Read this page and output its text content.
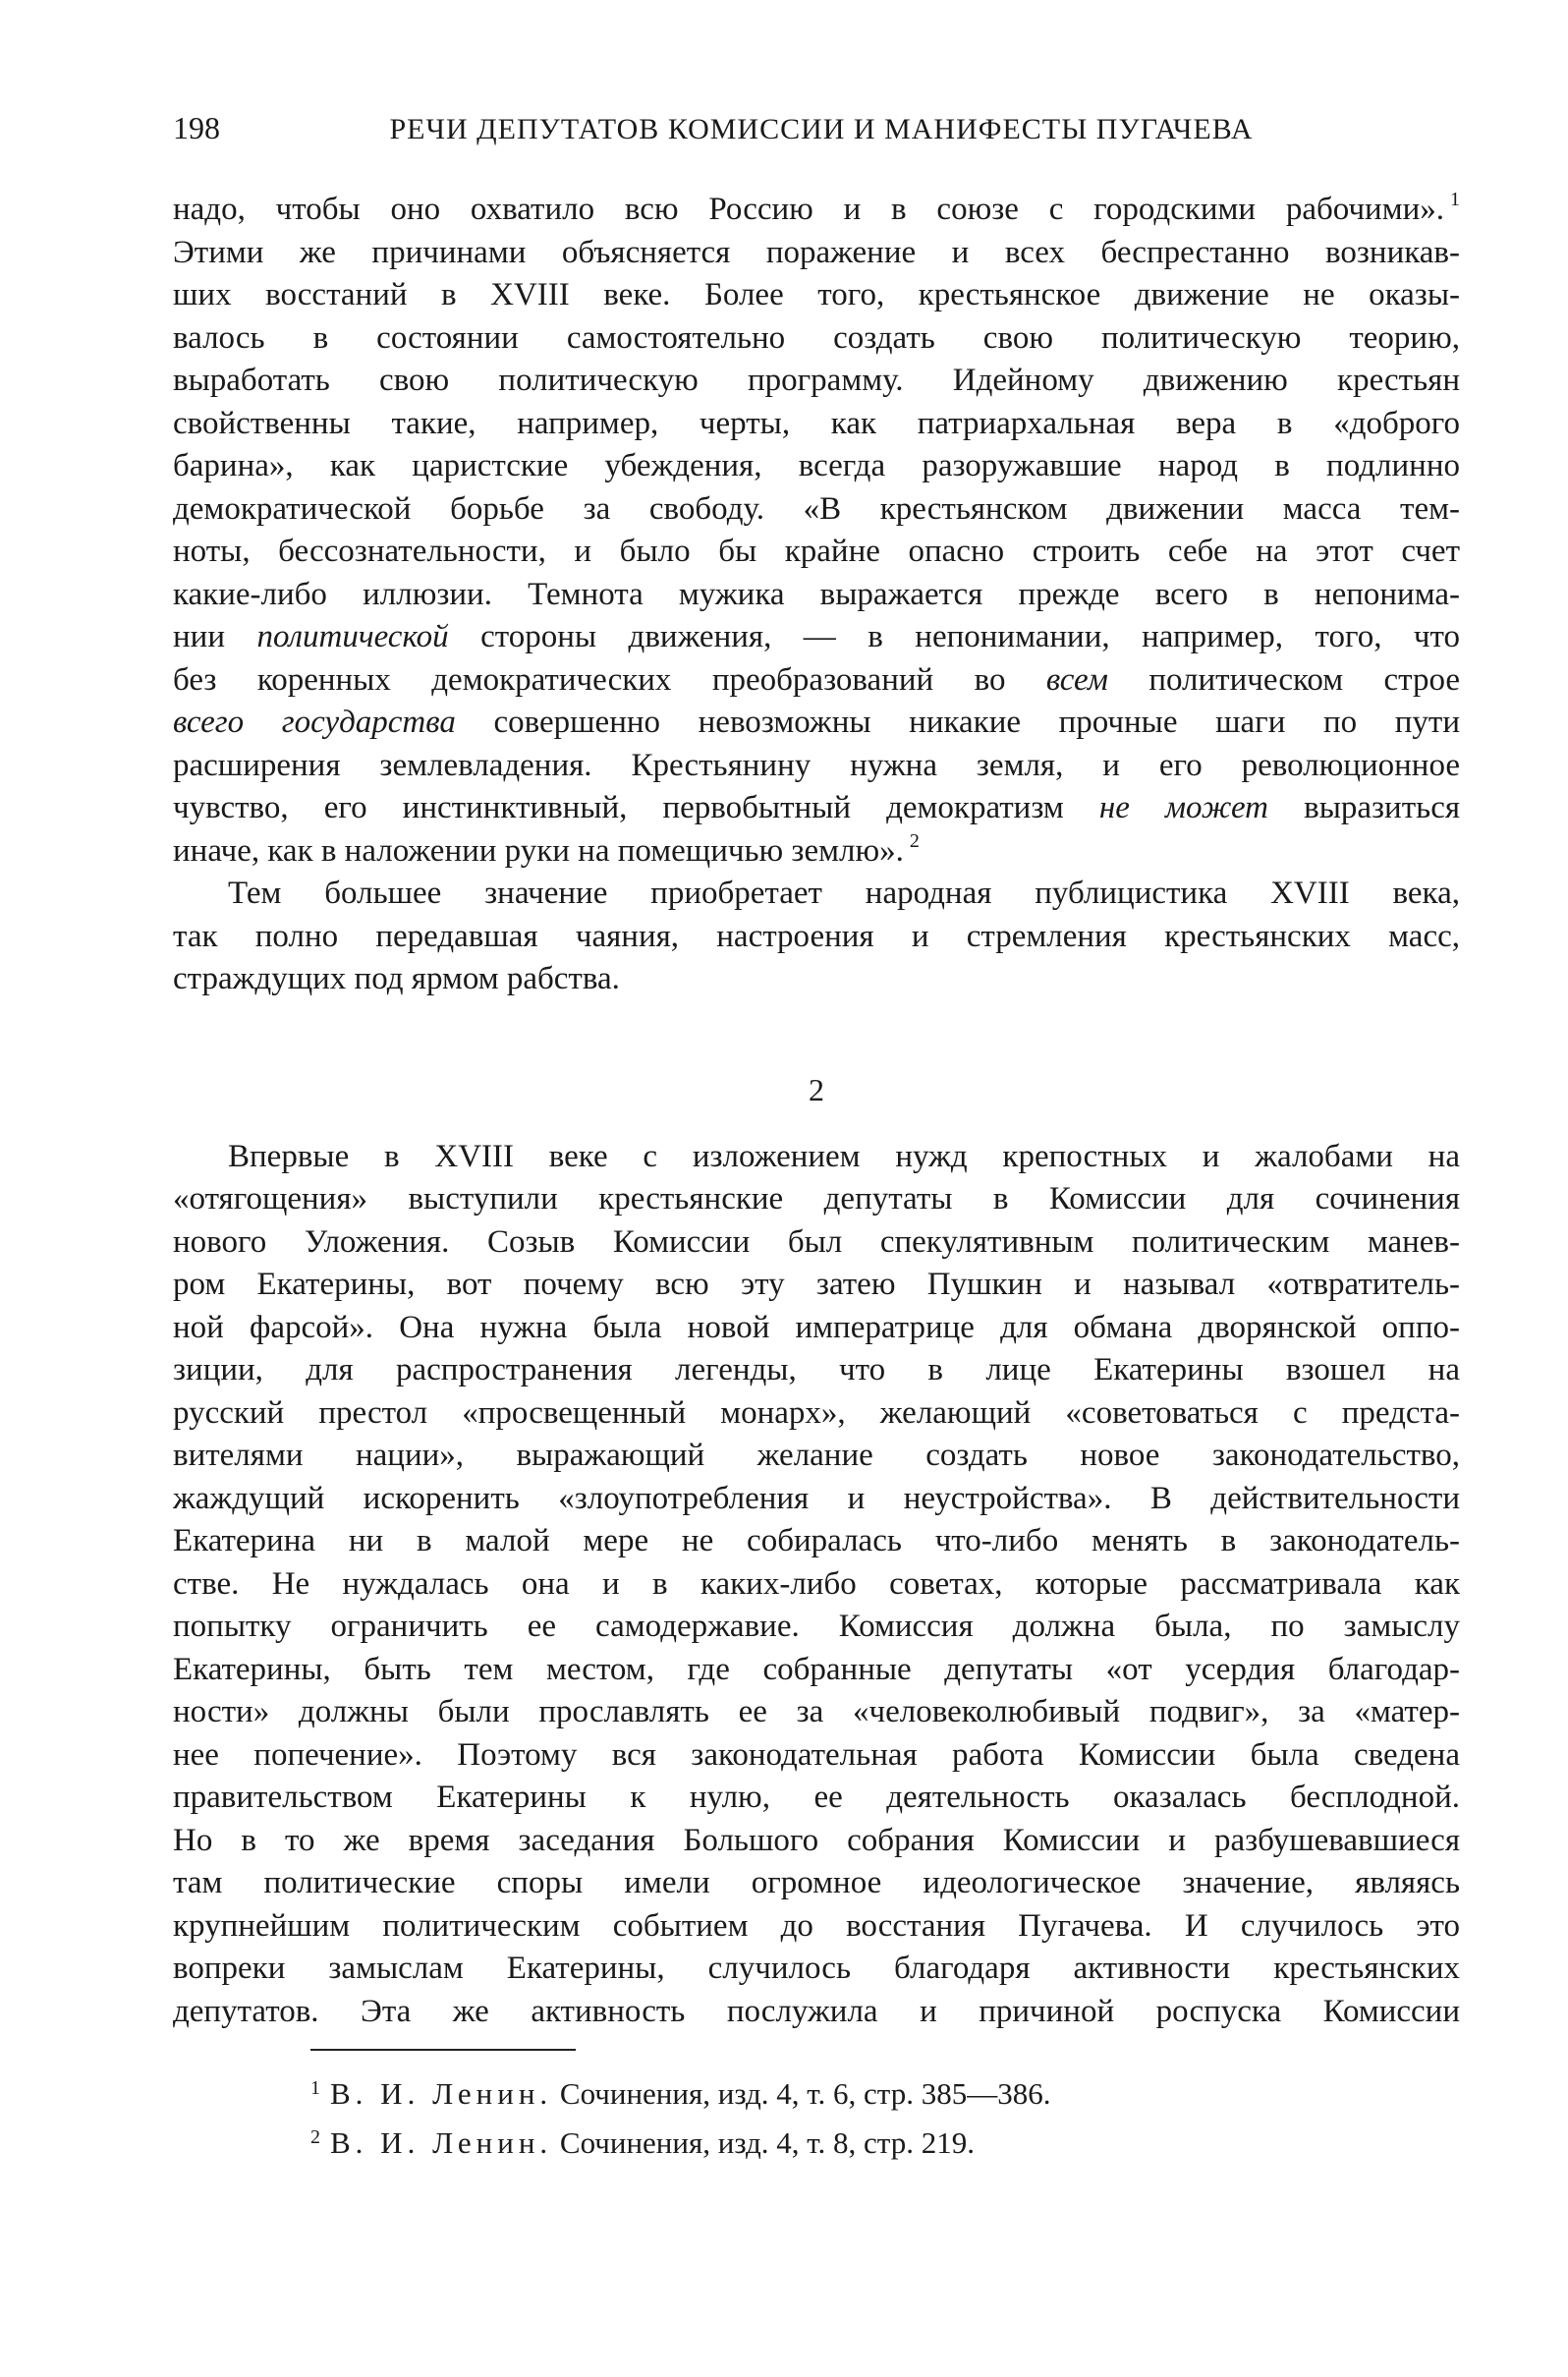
198	РЕЧИ ДЕПУТАТОВ КОМИССИИ И МАНИФЕСТЫ ПУГАЧЕВА

надо, чтобы оно охватило всю Россию и в союзе с городскими рабочими». $^1$
Этими же причинами объясняется поражение и всех беспрестанно возникав-
ших восстаний в XVIII веке. Более того, крестьянское движение не оказы-
валось в состоянии самостоятельно создать свою политическую теорию,
выработать свою политическую программу. Идейному движению крестьян
свойственны такие, например, черты, как патриархальная вера в «доброго
барина», как царистские убеждения, всегда разоружавшие народ в подлинно
демократической борьбе за свободу. «В крестьянском движении масса тем-
ноты, бессознательности, и было бы крайне опасно строить себе на этот счет
какие-либо иллюзии. Темнота мужика выражается прежде всего в непонима-
нии политической стороны движения, — в непонимании, например, того, что
без коренных демократических преобразований во всем политическом строе
всего государства совершенно невозможны никакие прочные шаги по пути
расширения землевладения. Крестьянину нужна земля, и его революционное
чувство, его инстинктивный, первобытный демократизм не может выразиться
иначе, как в наложении руки на помещичью землю». $^2$

Тем большее значение приобретает народная публицистика XVIII века,
так полно передавшая чаяния, настроения и стремления крестьянских масс,
страждущих под ярмом рабства.

2

Впервые в XVIII веке с изложением нужд крепостных и жалобами на
«отягощения» выступили крестьянские депутаты в Комиссии для сочинения
нового Уложения. Созыв Комиссии был спекулятивным политическим манев-
ром Екатерины, вот почему всю эту затею Пушкин и называл «отвратитель-
ной фарсой». Она нужна была новой императрице для обмана дворянской оппо-
зиции, для распространения легенды, что в лице Екатерины взошел на
русский престол «просвещенный монарх», желающий «советоваться с предста-
вителями нации», выражающий желание создать новое законодательство,
жаждущий искоренить «злоупотребления и неустройства». В действительности
Екатерина ни в малой мере не собиралась что-либо менять в законодатель-
стве. Не нуждалась она и в каких-либо советах, которые рассматривала как
попытку ограничить ее самодержавие. Комиссия должна была, по замыслу
Екатерины, быть тем местом, где собранные депутаты «от усердия благодар-
ности» должны были прославлять ее за «человеколюбивый подвиг», за «матер-
нее попечение». Поэтому вся законодательная работа Комиссии была сведена
правительством Екатерины к нулю, ее деятельность оказалась бесплодной.
Но в то же время заседания Большого собрания Комиссии и разбушевавшиеся
там политические споры имели огромное идеологическое значение, являясь
крупнейшим политическим событием до восстания Пугачева. И случилось это
вопреки замыслам Екатерины, случилось благодаря активности крестьянских
депутатов. Эта же активность послужила и причиной роспуска Комиссии

$^1$ В. И. Ленин. Сочинения, изд. 4, т. 6, стр. 385—386.
$^2$ В. И. Ленин. Сочинения, изд. 4, т. 8, стр. 219.
